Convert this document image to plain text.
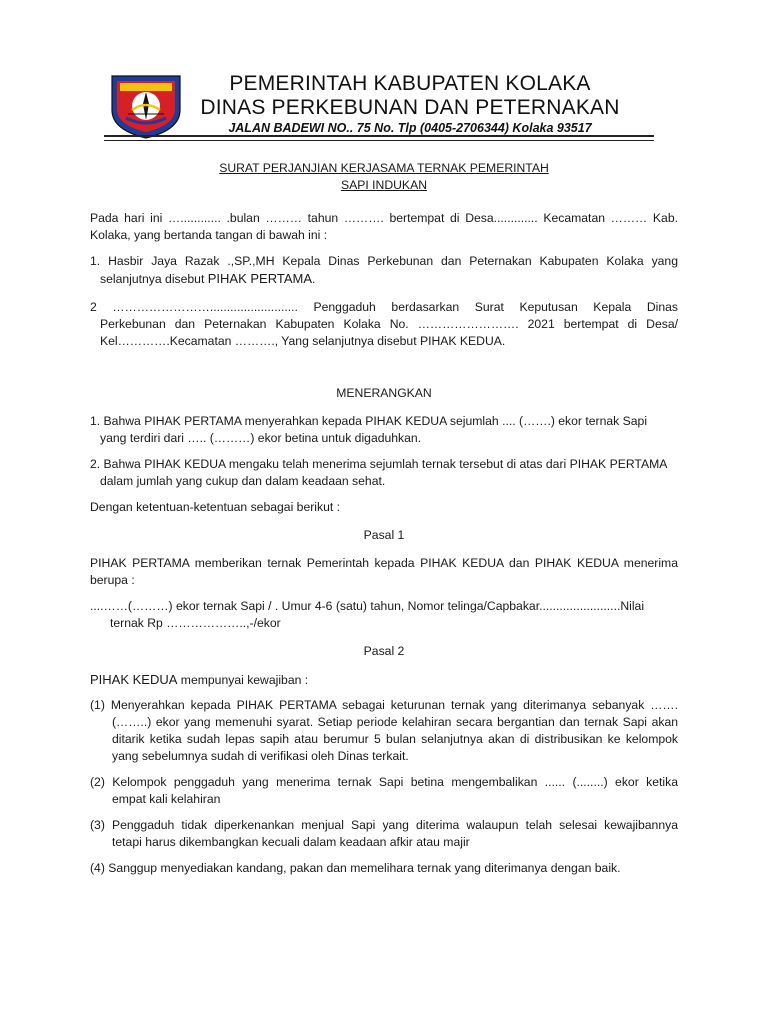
PEMERINTAH KABUPATEN KOLAKA
DINAS PERKEBUNAN DAN PETERNAKAN
JALAN BADEWI NO.. 75 No. Tlp (0405-2706344) Kolaka 93517

SURAT PERJANJIAN KERJASAMA TERNAK PEMERINTAH

SAPI INDUKAN

Pada hari ini …............ .bulan ……… tahun ………. bertempat di Desa............. Kecamatan ……… Kab.

Kolaka, yang bertanda tangan di bawah ini :

1. Hasbir Jaya Razak .,SP.,MH Kepala Dinas Perkebunan dan Peternakan Kabupaten Kolaka yang

selanjutnya disebut PIHAK PERTAMA.

2 …………………….......................... Penggaduh berdasarkan Surat Keputusan Kepala Dinas

Perkebunan dan Peternakan Kabupaten Kolaka No. ……………………. 2021 bertempat di Desa/

Kel………….Kecamatan ………., Yang selanjutnya disebut PIHAK KEDUA.

MENERANGKAN

1. Bahwa PIHAK PERTAMA menyerahkan kepada PIHAK KEDUA sejumlah .... (…….) ekor ternak Sapi

yang terdiri dari ….. (………) ekor betina untuk digaduhkan.

2. Bahwa PIHAK KEDUA mengaku telah menerima sejumlah ternak tersebut di atas dari PIHAK PERTAMA

dalam jumlah yang cukup dan dalam keadaan sehat.

Dengan ketentuan-ketentuan sebagai berikut :

Pasal 1

PIHAK PERTAMA memberikan ternak Pemerintah kepada PIHAK KEDUA dan PIHAK KEDUA menerima

berupa :

....……(………) ekor ternak Sapi / . Umur 4-6 (satu) tahun, Nomor telinga/Capbakar........................Nilai

ternak Rp ………………..,-/ekor

Pasal 2

PIHAK KEDUA mempunyai kewajiban :

(1) Menyerahkan kepada PIHAK PERTAMA sebagai keturunan ternak yang diterimanya sebanyak …….

(……..) ekor yang memenuhi syarat. Setiap periode kelahiran secara bergantian dan ternak Sapi akan

ditarik ketika sudah lepas sapih atau berumur 5 bulan selanjutnya akan di distribusikan ke kelompok

yang sebelumnya sudah di verifikasi oleh Dinas terkait.

(2) Kelompok penggaduh yang menerima ternak Sapi betina mengembalikan ...... (........) ekor ketika

empat kali kelahiran

(3) Penggaduh tidak diperkenankan menjual Sapi yang diterima walaupun telah selesai kewajibannya

tetapi harus dikembangkan kecuali dalam keadaan afkir atau majir

(4) Sanggup menyediakan kandang, pakan dan memelihara ternak yang diterimanya dengan baik.
